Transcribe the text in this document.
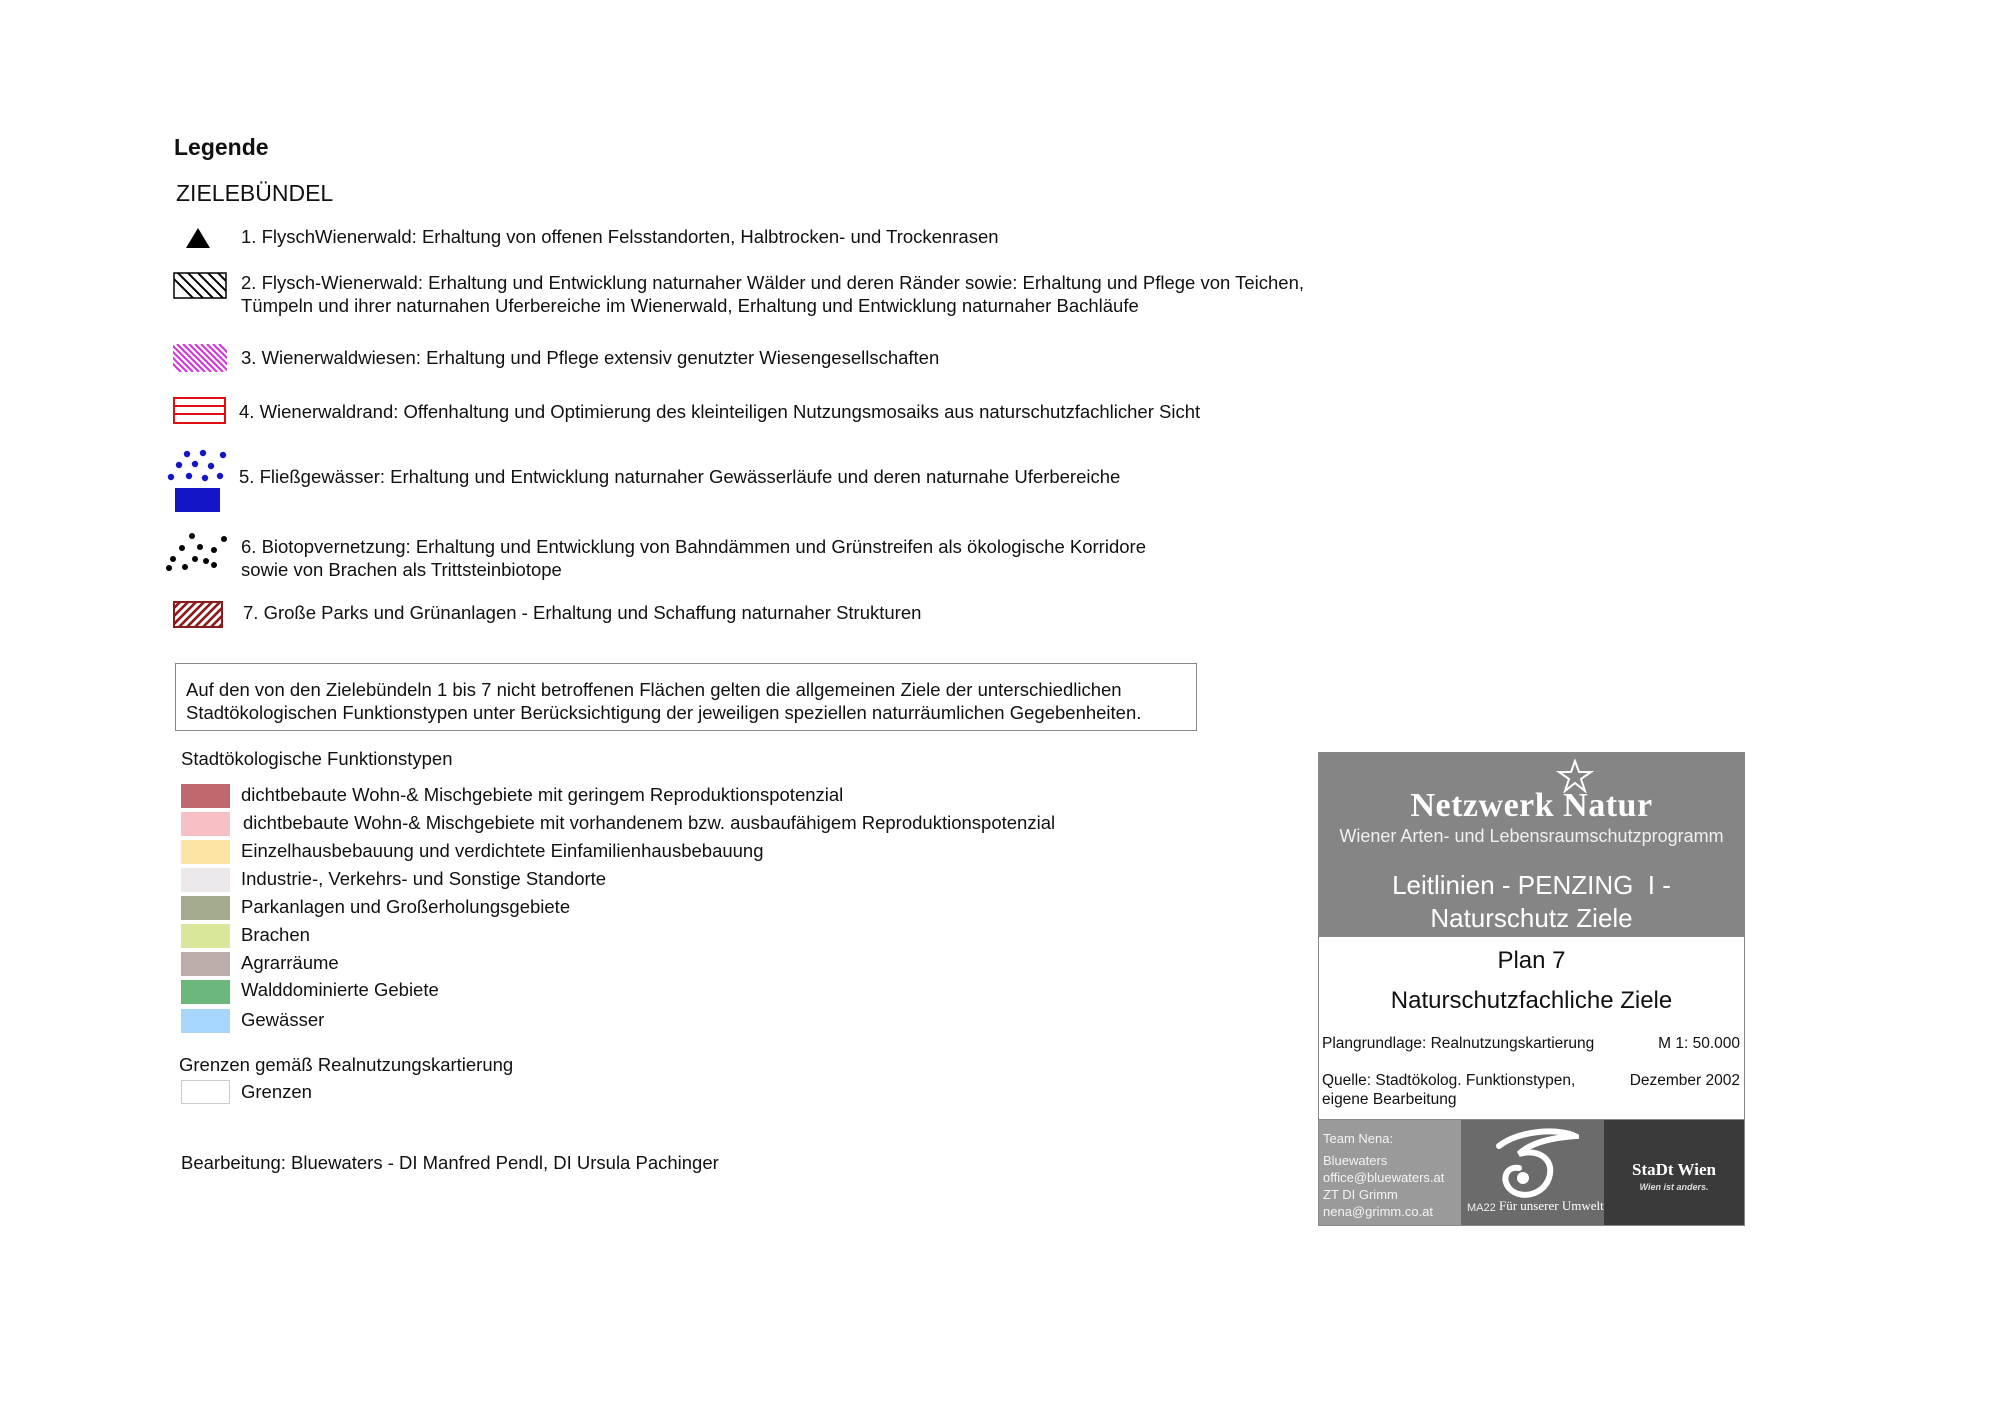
Legende
ZIELEBÜNDEL
1. FlyschWienerwald: Erhaltung von offenen Felsstandorten, Halbtrocken- und Trockenrasen
2. Flysch-Wienerwald: Erhaltung und Entwicklung naturnaher Wälder und deren Ränder sowie: Erhaltung und Pflege von Teichen,
Tümpeln und ihrer naturnahen Uferbereiche im Wienerwald, Erhaltung und Entwicklung naturnaher Bachläufe
3. Wienerwaldwiesen: Erhaltung und Pflege extensiv genutzter Wiesengesellschaften
4. Wienerwaldrand: Offenhaltung und Optimierung des kleinteiligen Nutzungsmosaiks aus naturschutzfachlicher Sicht
5. Fließgewässer: Erhaltung und Entwicklung naturnaher Gewässerläufe und deren naturnahe Uferbereiche
6. Biotopvernetzung: Erhaltung und Entwicklung von Bahndämmen und Grünstreifen als ökologische Korridore
sowie von Brachen als Trittsteinbiotope
7. Große Parks und Grünanlagen - Erhaltung und Schaffung naturnaher Strukturen
Auf den von den Zielebündeln 1 bis 7 nicht betroffenen Flächen gelten die allgemeinen Ziele der unterschiedlichen
Stadtökologischen Funktionstypen unter Berücksichtigung der jeweiligen speziellen naturräumlichen Gegebenheiten.
Stadtökologische Funktionstypen
dichtbebaute Wohn-& Mischgebiete mit geringem Reproduktionspotenzial
dichtbebaute Wohn-& Mischgebiete mit vorhandenem bzw. ausbaufähigem Reproduktionspotenzial
Einzelhausbebauung und verdichtete Einfamilienhausbebauung
Industrie-, Verkehrs- und Sonstige Standorte
Parkanlagen und Großerholungsgebiete
Brachen
Agrarräume
Walddominierte Gebiete
Gewässer
Grenzen gemäß Realnutzungskartierung
Grenzen
Bearbeitung: Bluewaters - DI Manfred Pendl, DI Ursula Pachinger
Netzwerk Natur
Wiener Arten- und Lebensraumschutzprogramm
Leitlinien - PENZING  I -
Naturschutz Ziele
Plan 7
Naturschutzfachliche Ziele
Plangrundlage: Realnutzungskartierung	M 1: 50.000
Quelle: Stadtökolog. Funktionstypen,
eigene Bearbeitung
Dezember 2002
Team Nena:
Bluewaters
office@bluewaters.at
ZT DI Grimm
nena@grimm.co.at	MA22 Für unserer Umwelt
StaDt Wien
Wien ist anders.
